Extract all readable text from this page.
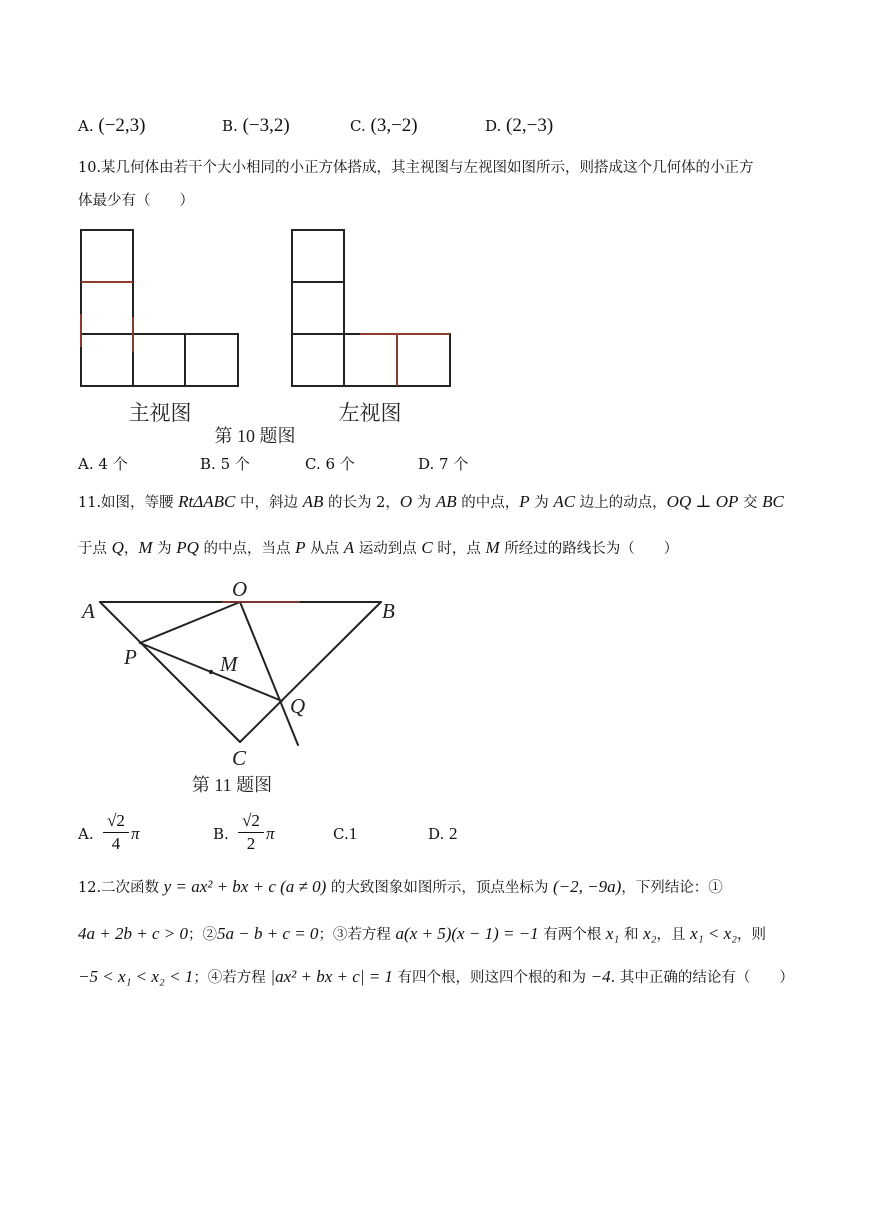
A. (−2,3)	B. (−3,2)	C. (3,−2)	D. (2,−3)
10.某几何体由若干个大小相同的小正方体搭成，其主视图与左视图如图所示，则搭成这个几何体的小正方
体最少有（　　）
主视图	左视图
第 10 题图
A. 4 个	B. 5 个	C. 6 个	D. 7 个
11.如图，等腰 RtΔABC 中，斜边 AB 的长为 2，O 为 AB 的中点，P 为 AC 边上的动点，OQ ⊥ OP 交 BC
于点 Q，M 为 PQ 的中点，当点 P 从点 A 运动到点 C 时，点 M 所经过的路线长为（　　）
A	B
O
P	M
Q
C
第 11 题图
A. $\frac{√2}{4}$ π	B. $\frac{√2}{2}$ π	C.1	D. 2
12.二次函数 y = ax² + bx + c (a ≠ 0) 的大致图象如图所示，顶点坐标为 (−2, −9a)，下列结论：①
4a + 2b + c > 0；②5a − b + c = 0；③若方程 a(x + 5)(x − 1) = −1 有两个根 x₁ 和 x₂，且 x₁ < x₂，则
−5 < x₁ < x₂ < 1；④若方程 |ax² + bx + c| = 1 有四个根，则这四个根的和为 −4. 其中正确的结论有（　　）
